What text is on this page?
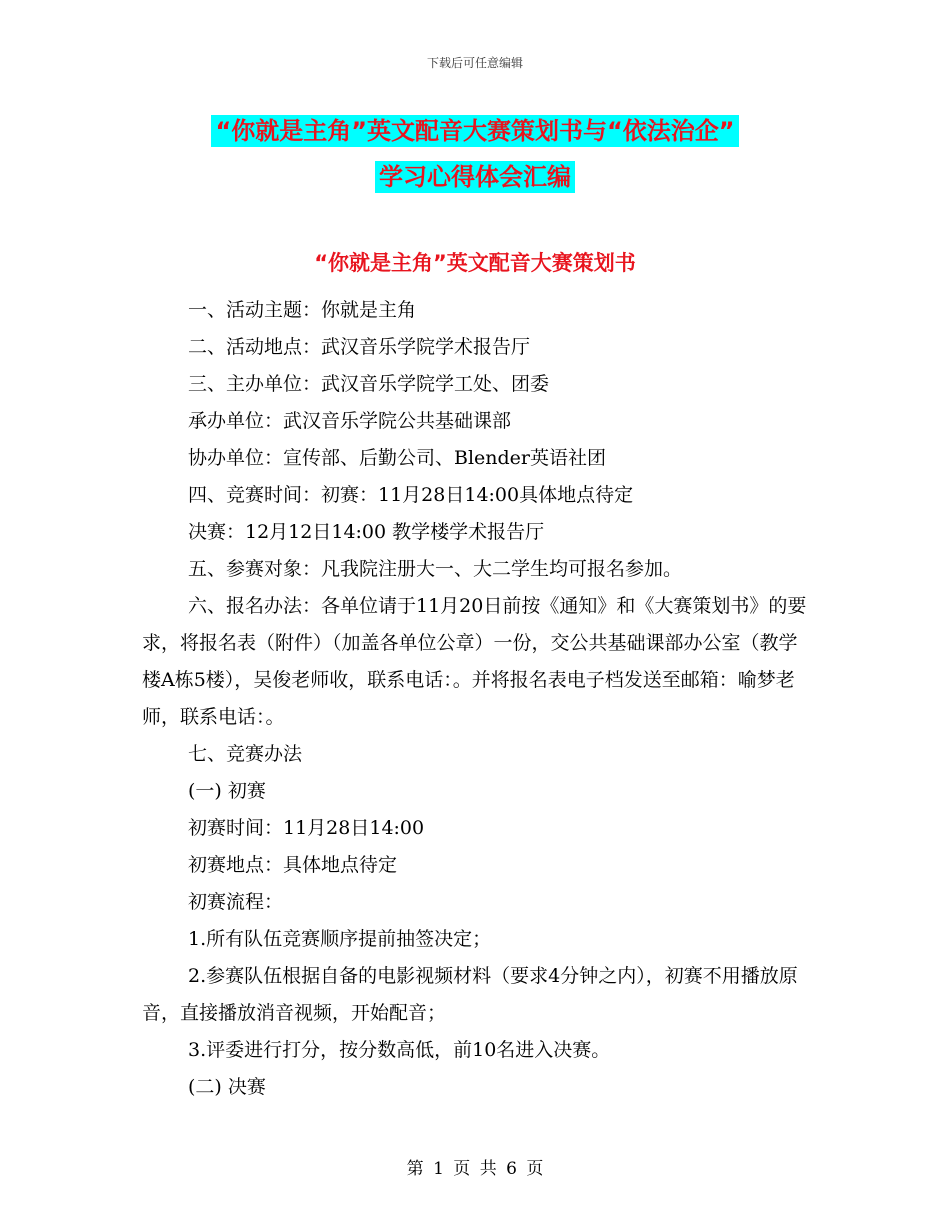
下载后可任意编辑
“你就是主角”英文配音大赛策划书与“依法治企”
学习心得体会汇编
“你就是主角”英文配音大赛策划书

一、活动主题：你就是主角

二、活动地点：武汉音乐学院学术报告厅

三、主办单位：武汉音乐学院学工处、团委

承办单位：武汉音乐学院公共基础课部

协办单位：宣传部、后勤公司、Blender英语社团

四、竞赛时间：初赛：11月28日14:00具体地点待定

决赛：12月12日14:00 教学楼学术报告厅

五、参赛对象：凡我院注册大一、大二学生均可报名参加。

六、报名办法：各单位请于11月20日前按《通知》和《大赛策划书》的要求，将报名表（附件）（加盖各单位公章）一份，交公共基础课部办公室（教学楼A栋5楼），吴俊老师收，联系电话：。并将报名表电子档发送至邮箱：喻梦老师，联系电话：。

七、竞赛办法

(一) 初赛

初赛时间：11月28日14:00

初赛地点：具体地点待定

初赛流程：

1.所有队伍竞赛顺序提前抽签决定；

2.参赛队伍根据自备的电影视频材料（要求4分钟之内），初赛不用播放原音，直接播放消音视频，开始配音；

3.评委进行打分，按分数高低，前10名进入决赛。

(二) 决赛

第 1 页 共 6 页
